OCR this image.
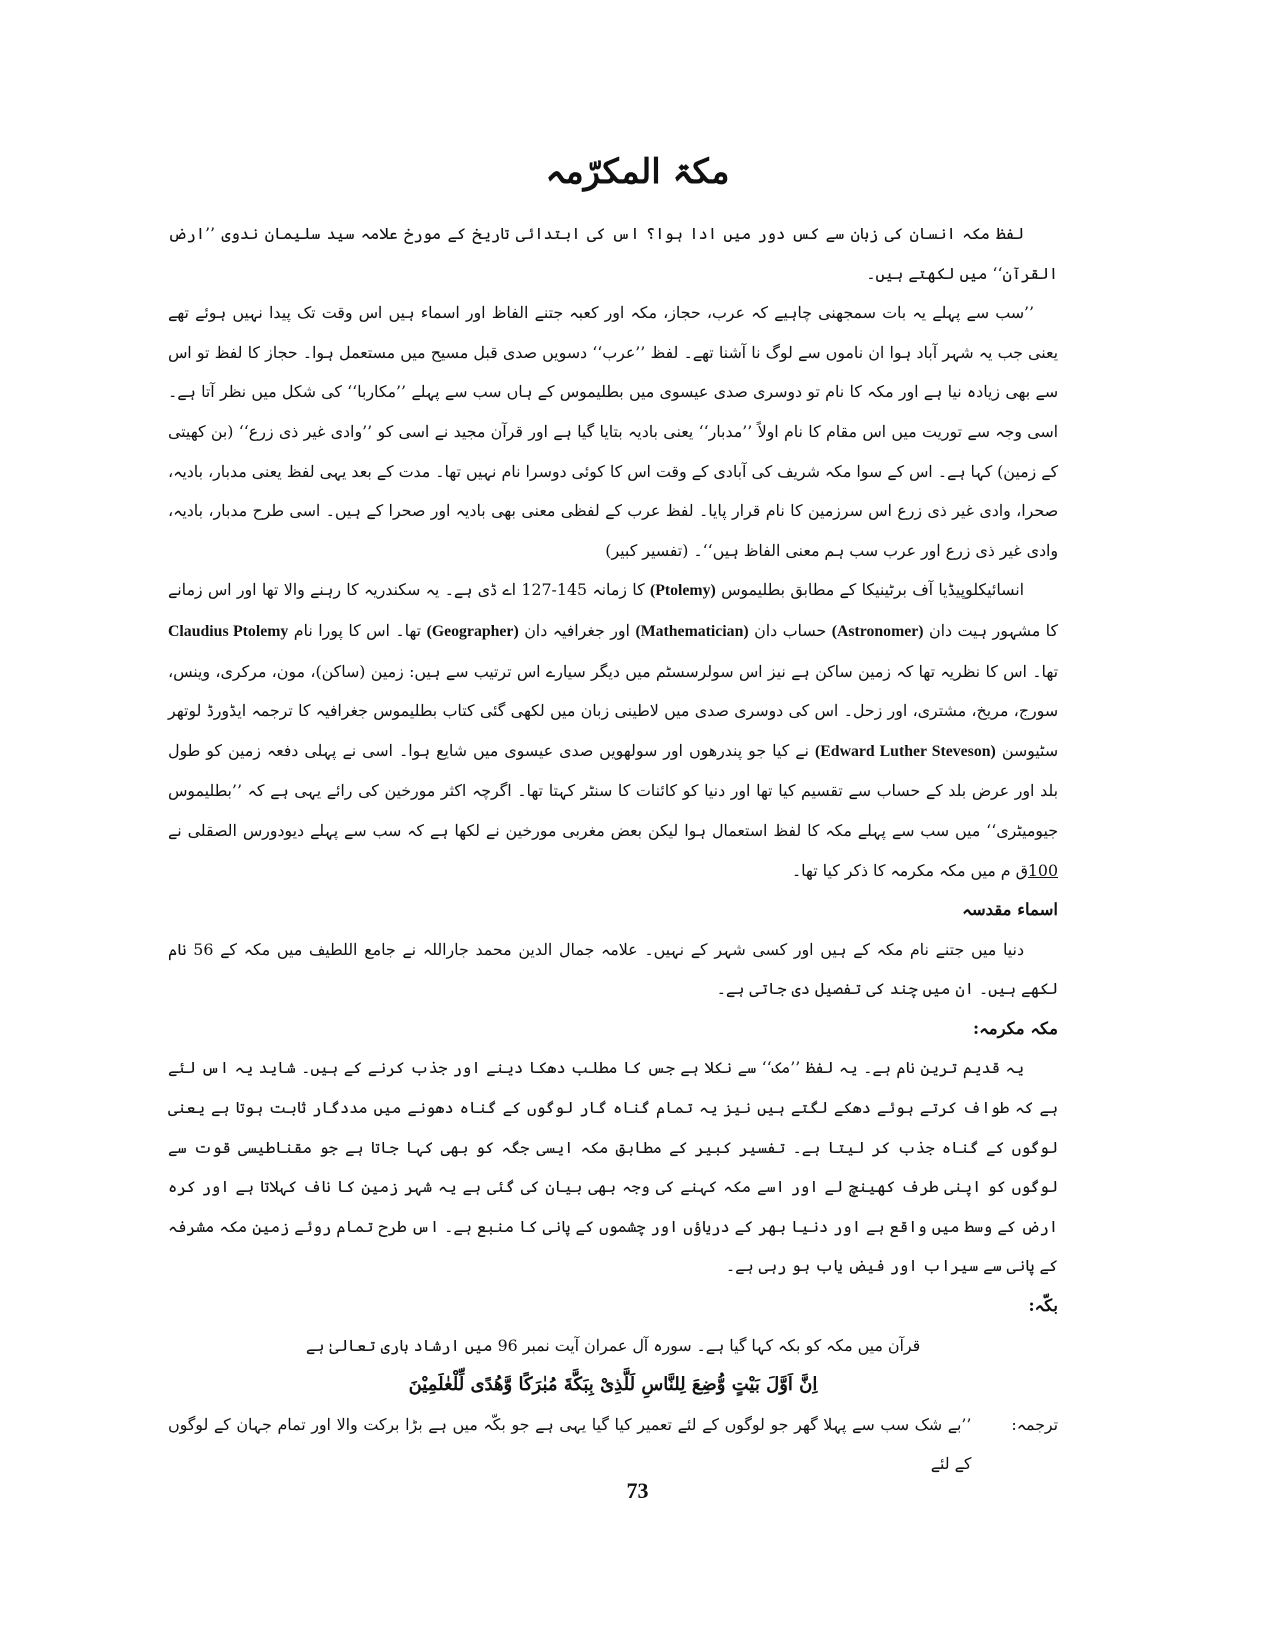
مکۃ المکرّمہ

لفظ مکہ انسان کی زبان سے کس دور میں ادا ہوا؟ اس کی ابتدائی تاریخ کے مورخ علامہ سید سلیمان ندوی ’’ارض القرآن‘‘ میں لکھتے ہیں۔

’’سب سے پہلے یہ بات سمجھنی چاہیے کہ عرب، حجاز، مکہ اور کعبہ جتنے الفاظ اور اسماء ہیں اس وقت تک پیدا نہیں ہوئے تھے یعنی جب یہ شہر آباد ہوا ان ناموں سے لوگ نا آشنا تھے۔ لفظ ’’عرب‘‘ دسویں صدی قبل مسیح میں مستعمل ہوا۔ حجاز کا لفظ تو اس سے بھی زیادہ نیا ہے اور مکہ کا نام تو دوسری صدی عیسوی میں بطلیموس کے ہاں سب سے پہلے ’’مکاربا‘‘ کی شکل میں نظر آتا ہے۔ اسی وجہ سے توریت میں اس مقام کا نام اولاً ’’مدبار‘‘ یعنی بادیہ بتایا گیا ہے اور قرآن مجید نے اسی کو ’’وادی غیر ذی زرع‘‘ (بن کھیتی کے زمین) کہا ہے۔ اس کے سوا مکہ شریف کی آبادی کے وقت اس کا کوئی دوسرا نام نہیں تھا۔ مدت کے بعد یہی لفظ یعنی مدبار، بادیہ، صحرا، وادی غیر ذی زرع اس سرزمین کا نام قرار پایا۔ لفظ عرب کے لفظی معنی بھی بادیہ اور صحرا کے ہیں۔ اسی طرح مدبار، بادیہ، وادی غیر ذی زرع اور عرب سب ہم معنی الفاظ ہیں‘‘۔ (تفسیر کبیر)

انسائیکلوپیڈیا آف برٹینیکا کے مطابق بطلیموس (Ptolemy) کا زمانہ 145-127 اے ڈی ہے۔ یہ سکندریہ کا رہنے والا تھا اور اس زمانے کا مشہور ہیت دان (Astronomer) حساب دان (Mathematician) اور جغرافیہ دان (Geographer) تھا۔ اس کا پورا نام Claudius Ptolemy تھا۔ اس کا نظریہ تھا کہ زمین ساکن ہے نیز اس سولرسسٹم میں دیگر سیارے اس ترتیب سے ہیں: زمین (ساکن)، مون، مرکری، وینس، سورج، مریخ، مشتری، اور زحل۔ اس کی دوسری صدی میں لاطینی زبان میں لکھی گئی کتاب بطلیموس جغرافیہ کا ترجمہ ایڈورڈ لوتھر سٹیوسن (Edward Luther Steveson) نے کیا جو پندرھوں اور سولھویں صدی عیسوی میں شایع ہوا۔ اسی نے پہلی دفعہ زمین کو طول بلد اور عرض بلد کے حساب سے تقسیم کیا تھا اور دنیا کو کائنات کا سنٹر کہتا تھا۔ اگرچہ اکثر مورخین کی رائے یہی ہے کہ ’’بطلیموس جیومیٹری‘‘ میں سب سے پہلے مکہ کا لفظ استعمال ہوا لیکن بعض مغربی مورخین نے لکھا ہے کہ سب سے پہلے دیودورس الصقلی نے 100ق م میں مکہ مکرمہ کا ذکر کیا تھا۔

اسماء مقدسہ

دنیا میں جتنے نام مکہ کے ہیں اور کسی شہر کے نہیں۔ علامہ جمال الدین محمد جاراللہ نے جامع اللطیف میں مکہ کے 56 نام لکھے ہیں۔ ان میں چند کی تفصیل دی جاتی ہے۔

مکہ مکرمہ:

یہ قدیم ترین نام ہے۔ یہ لفظ ’’مک‘‘ سے نکلا ہے جس کا مطلب دھکا دینے اور جذب کرنے کے ہیں۔ شاید یہ اس لئے ہے کہ طواف کرتے ہوئے دھکے لگتے ہیں نیز یہ تمام گناہ گار لوگوں کے گناہ دھونے میں مددگار ثابت ہوتا ہے یعنی لوگوں کے گناہ جذب کر لیتا ہے۔ تفسیر کبیر کے مطابق مکہ ایسی جگہ کو بھی کہا جاتا ہے جو مقناطیسی قوت سے لوگوں کو اپنی طرف کھینچ لے اور اسے مکہ کہنے کی وجہ بھی بیان کی گئی ہے یہ شہر زمین کا ناف کہلاتا ہے اور کرہ ارض کے وسط میں واقع ہے اور دنیا بھر کے دریاؤں اور چشموں کے پانی کا منبع ہے۔ اس طرح تمام روئے زمین مکہ مشرفہ کے پانی سے سیراب اور فیض یاب ہو رہی ہے۔

بکّہ:

قرآن میں مکہ کو بکہ کہا گیا ہے۔ سورہ آل عمران آیت نمبر 96 میں ارشاد باری تعالیٰ ہے

اِنَّ اَوَّلَ بَيْتٍ وُّضِعَ لِلنَّاسِ لَلَّذِىْ بِبَكَّةَ مُبٰرَكًا وَّهُدًى لِّلْعٰلَمِيْنَ

ترجمہ:
’’بے شک سب سے پہلا گھر جو لوگوں کے لئے تعمیر کیا گیا یہی ہے جو بکّہ میں ہے بڑا برکت والا اور تمام جہان کے لوگوں کے لئے
73
